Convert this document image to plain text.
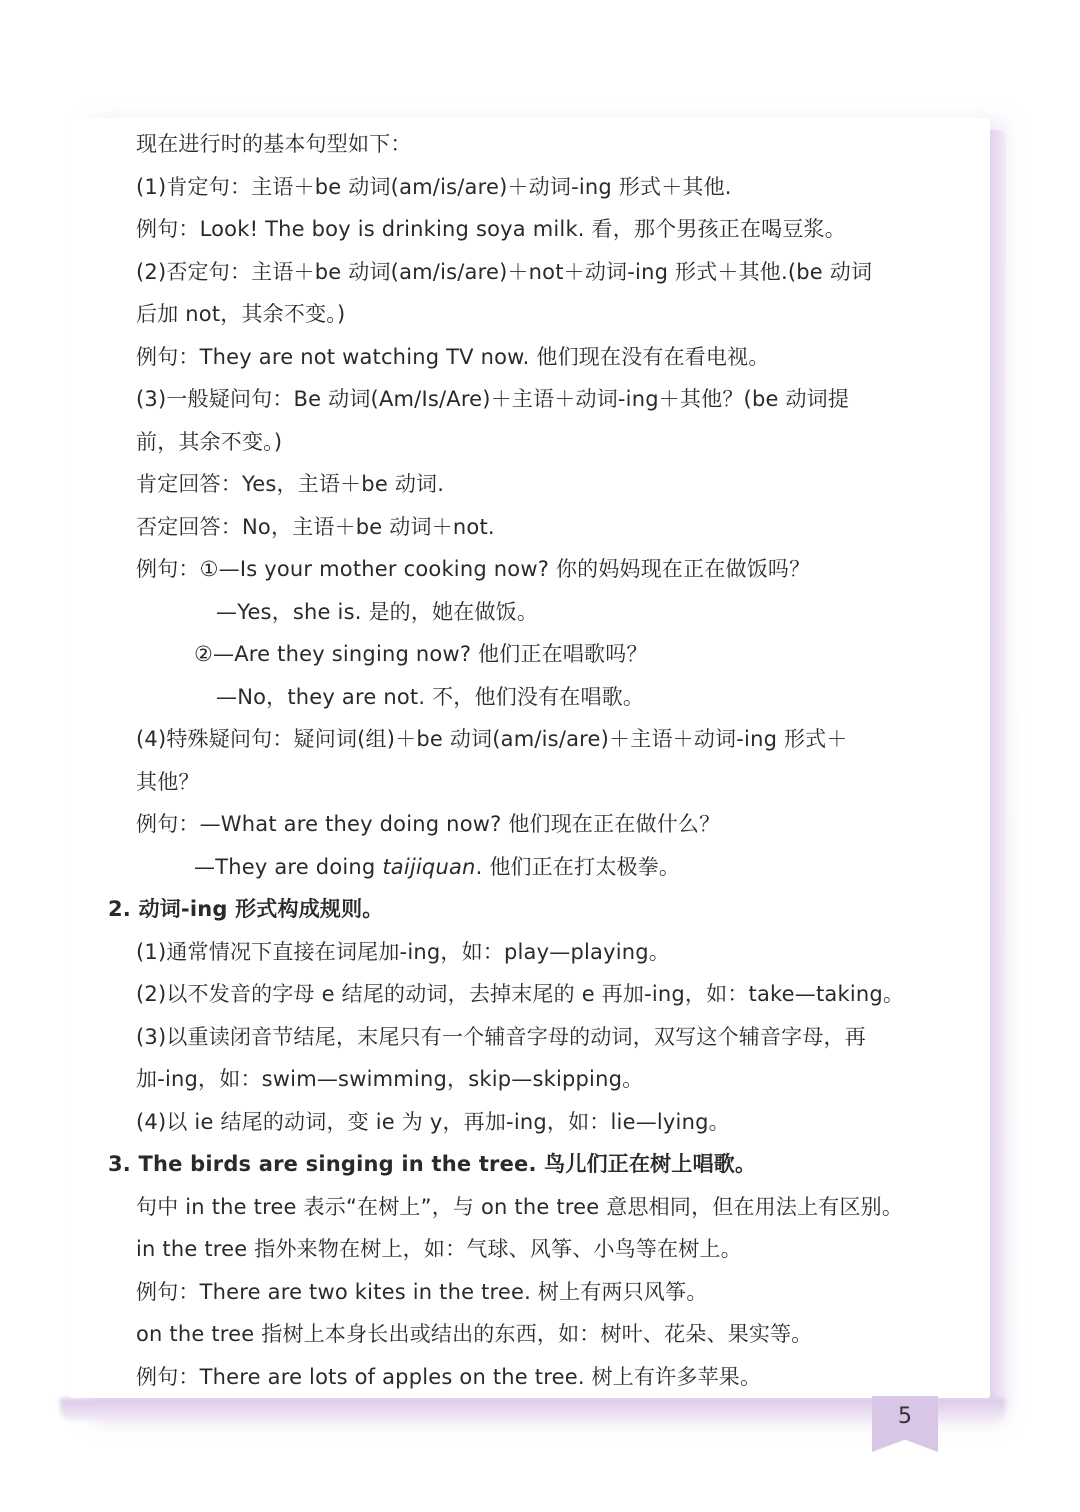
现在进行时的基本句型如下：
(1)肯定句：主语＋be 动词(am/is/are)＋动词-ing 形式＋其他.
例句：Look! The boy is drinking soya milk. 看，那个男孩正在喝豆浆。
(2)否定句：主语＋be 动词(am/is/are)＋not＋动词-ing 形式＋其他.(be 动词
后加 not，其余不变。)
例句：They are not watching TV now. 他们现在没有在看电视。
(3)一般疑问句：Be 动词(Am/Is/Are)＋主语＋动词-ing＋其他？(be 动词提
前，其余不变。)
肯定回答：Yes，主语＋be 动词.
否定回答：No，主语＋be 动词＋not.
例句：①—Is your mother cooking now? 你的妈妈现在正在做饭吗？
—Yes，she is. 是的，她在做饭。
②—Are they singing now? 他们正在唱歌吗？
—No，they are not. 不，他们没有在唱歌。
(4)特殊疑问句：疑问词(组)＋be 动词(am/is/are)＋主语＋动词-ing 形式＋
其他？
例句：—What are they doing now? 他们现在正在做什么？
—They are doing taijiquan. 他们正在打太极拳。
2. 动词-ing 形式构成规则。
(1)通常情况下直接在词尾加-ing，如：play—playing。
(2)以不发音的字母 e 结尾的动词，去掉末尾的 e 再加-ing，如：take—taking。
(3)以重读闭音节结尾，末尾只有一个辅音字母的动词，双写这个辅音字母，再
加-ing，如：swim—swimming，skip—skipping。
(4)以 ie 结尾的动词，变 ie 为 y，再加-ing，如：lie—lying。
3. The birds are singing in the tree. 鸟儿们正在树上唱歌。
句中 in the tree 表示“在树上”，与 on the tree 意思相同，但在用法上有区别。
in the tree 指外来物在树上，如：气球、风筝、小鸟等在树上。
例句：There are two kites in the tree. 树上有两只风筝。
on the tree 指树上本身长出或结出的东西，如：树叶、花朵、果实等。
例句：There are lots of apples on the tree. 树上有许多苹果。
5
